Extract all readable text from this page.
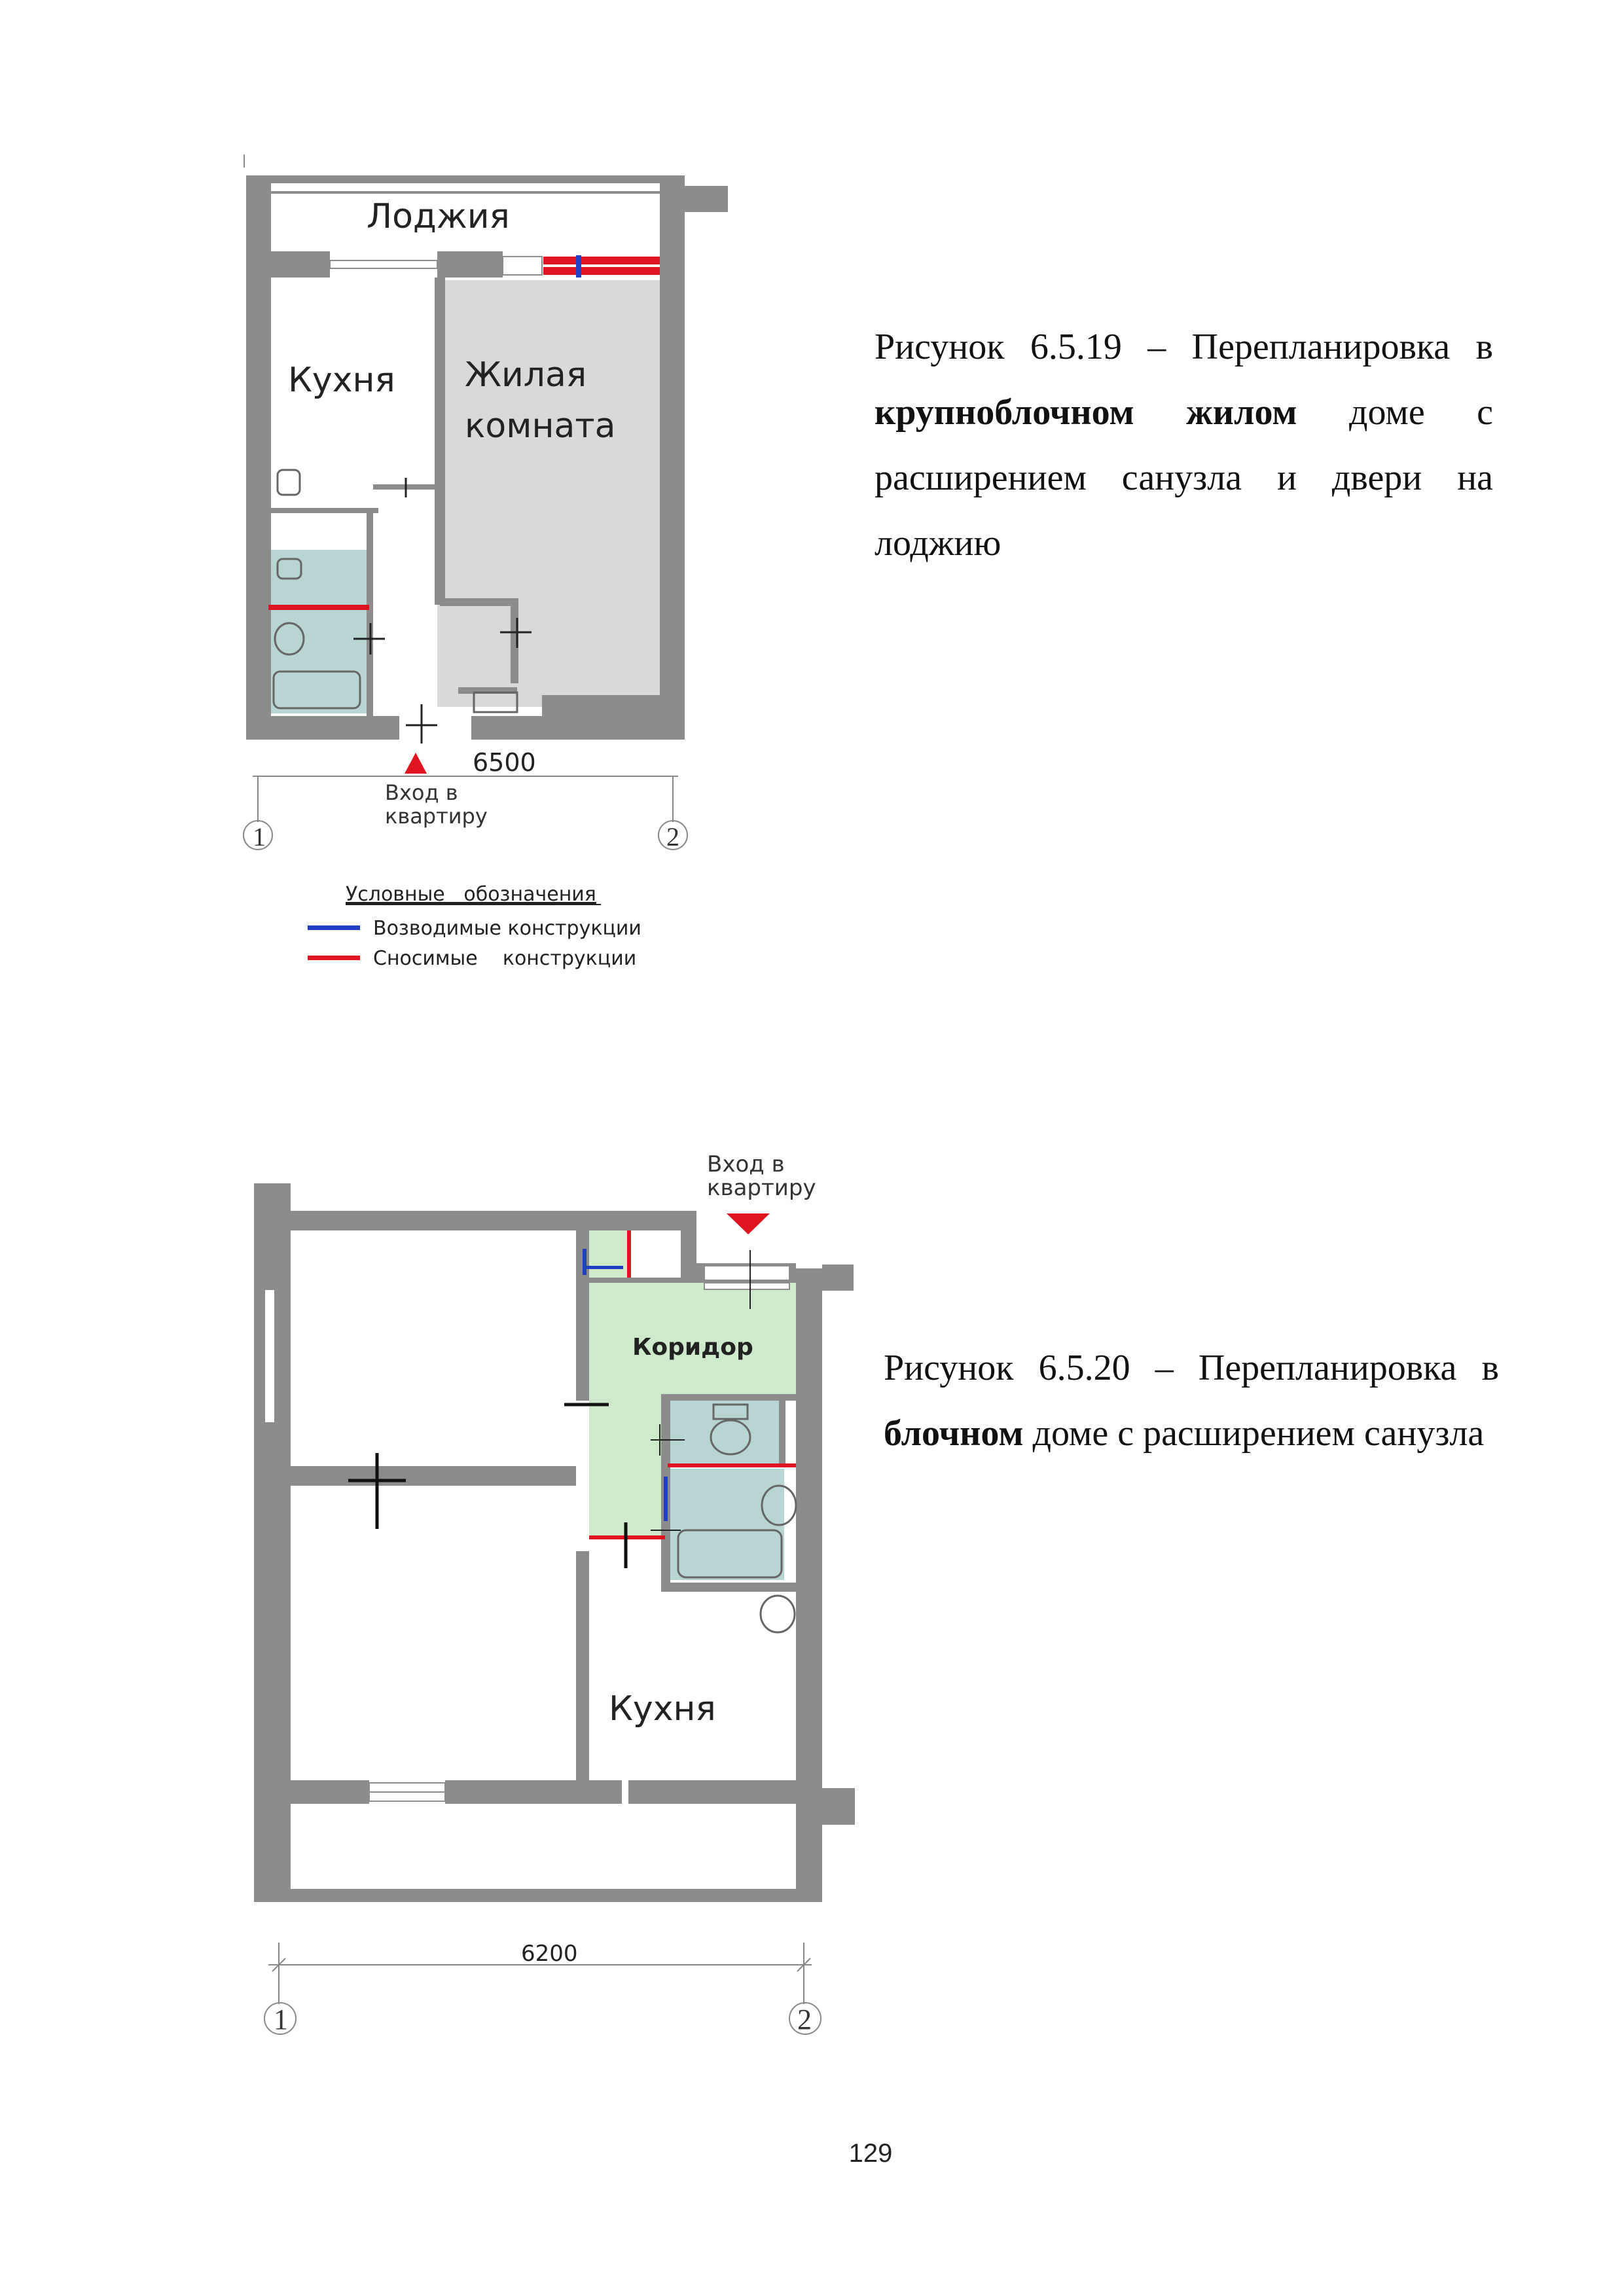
Лоджия
Кухня Жилая
комната
6500
Вход в
квартиру
1	2
Условные   обозначения
Возводимые конструкции
Сносимые    конструкции
Коридор
Кухня
Вход в
квартиру
6200
1	2
Рисунок 6.5.19 – Перепланировка в крупноблочном жилом доме с расширением санузла и двери на лоджию
Рисунок 6.5.20 – Перепланировка в блочном доме с расширением санузла
129
